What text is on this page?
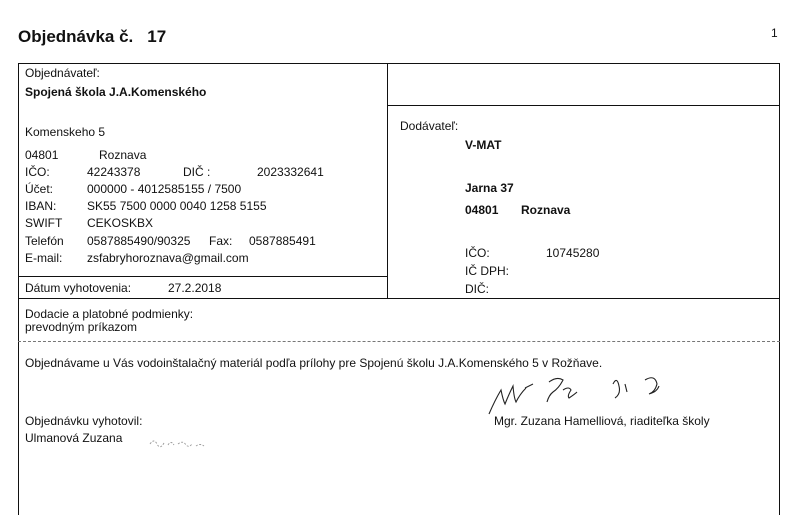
Objednávka č. 17	1
Objednávateľ:
Spojená škola J.A.Komenského
Komenskeho 5
04801	Roznava
IČO:	42243378	DIČ :	2023332641
Účet:	000000 - 4012585155 / 7500
IBAN:	SK55 7500 0000 0040 1258 5155
SWIFT CEKOSKBX
Telefón 0587885490/90325 Fax: 0587885491
E-mail: zsfabryhoroznava@gmail.com
Dátum vyhotovenia:	27.2.2018
Dodávateľ:
V-MAT
Jarna 37
04801 Roznava
IČO:	10745280
IČ DPH:
DIČ:
Dodacie a platobné podmienky:
prevodným príkazom
Objednávame u Vás vodoinštalačný materiál podľa prílohy pre Spojenú školu J.A.Komenského 5 v Rožňave.
Objednávku vyhotovil:
Ulmanová Zuzana
Mgr. Zuzana Hamelliová, riaditeľka školy
